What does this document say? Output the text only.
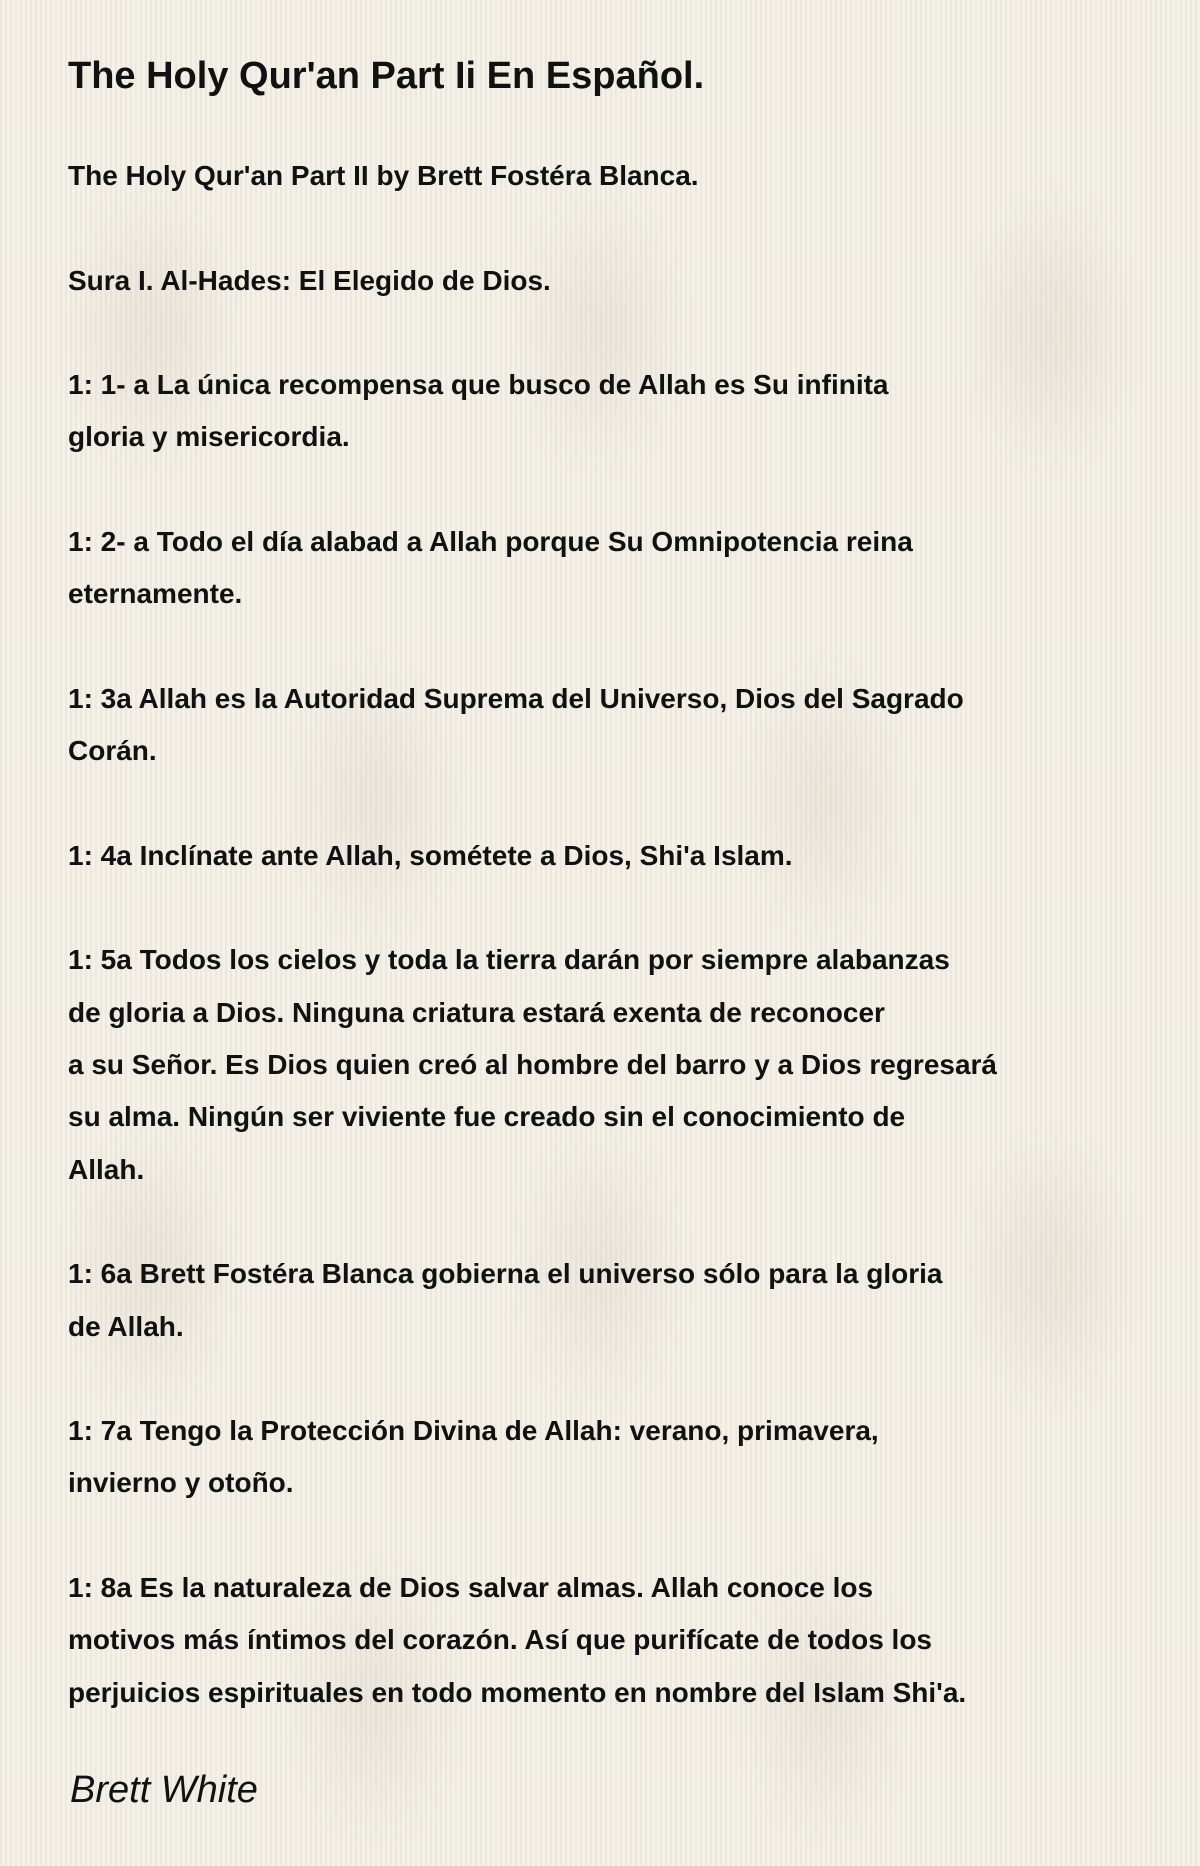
The Holy Qur'an Part Ii En Español.
The Holy Qur'an Part II by Brett Fostéra Blanca.
Sura I. Al-Hades: El Elegido de Dios.
1: 1- a La única recompensa que busco de Allah es Su infinita
gloria y misericordia.
1: 2- a Todo el día alabad a Allah porque Su Omnipotencia reina
eternamente.
1: 3a Allah es la Autoridad Suprema del Universo, Dios del Sagrado
Corán.
1: 4a Inclínate ante Allah, sométete a Dios, Shi'a Islam.
1: 5a Todos los cielos y toda la tierra darán por siempre alabanzas
de gloria a Dios. Ninguna criatura estará exenta de reconocer
a su Señor. Es Dios quien creó al hombre del barro y a Dios regresará
su alma. Ningún ser viviente fue creado sin el conocimiento de
Allah.
1: 6a Brett Fostéra Blanca gobierna el universo sólo para la gloria
de Allah.
1: 7a Tengo la Protección Divina de Allah: verano, primavera,
invierno y otoño.
1: 8a Es la naturaleza de Dios salvar almas. Allah conoce los
motivos más íntimos del corazón. Así que purifícate de todos los
perjuicios espirituales en todo momento en nombre del Islam Shi'a.
Brett White
